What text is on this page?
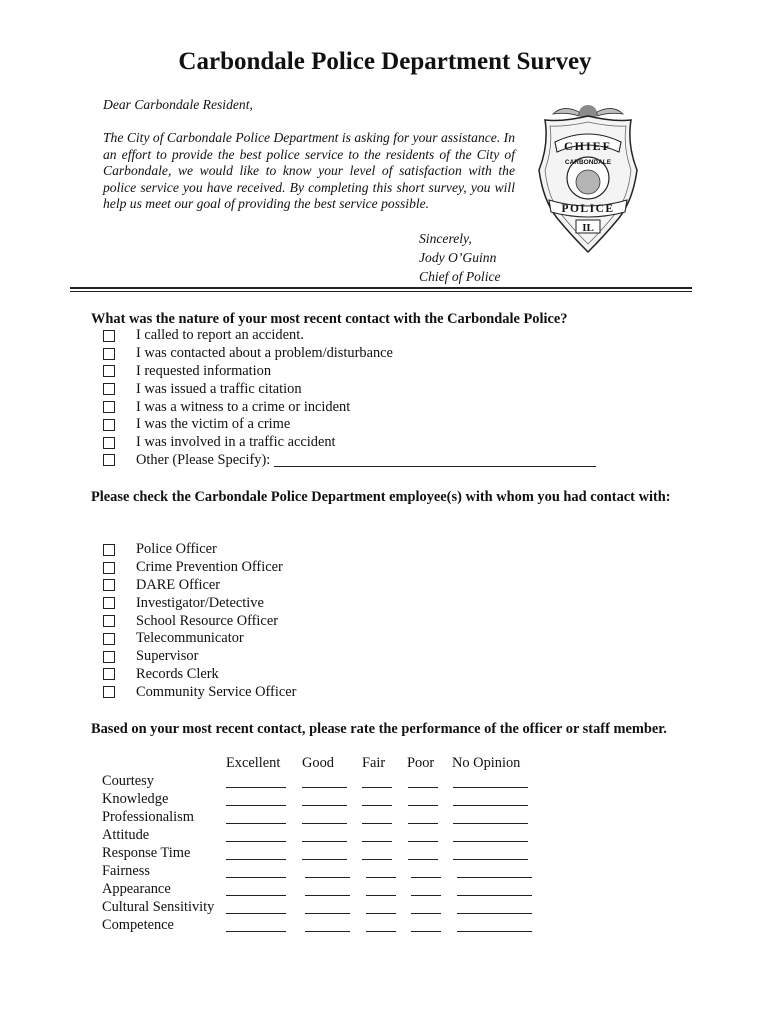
Carbondale Police Department Survey
Dear Carbondale Resident,
The City of Carbondale Police Department is asking for your assistance. In an effort to provide the best police service to the residents of the City of Carbondale, we would like to know your level of satisfaction with the police service you have received. By completing this short survey, you will help us meet our goal of providing the best service possible.
Sincerely,
Jody O’Guinn
Chief of Police
CHIEF
CARBONDALE
POLICE
IL
What was the nature of your most recent contact with the Carbondale Police?
I called to report an accident.
I was contacted about a problem/disturbance
I requested information
I was issued a traffic citation
I was a witness to a crime or incident
I was the victim of a crime
I was involved in a traffic accident
Other (Please Specify):
Please check the Carbondale Police Department employee(s) with whom you had contact with:
Police Officer
Crime Prevention Officer
DARE Officer
Investigator/Detective
School Resource Officer
Telecommunicator
Supervisor
Records Clerk
Community Service Officer
Based on your most recent contact, please rate the performance of the officer or staff member.
Excellent Good Fair Poor No Opinion
Courtesy
Knowledge
Professionalism
Attitude
Response Time
Fairness
Appearance
Cultural Sensitivity
Competence
